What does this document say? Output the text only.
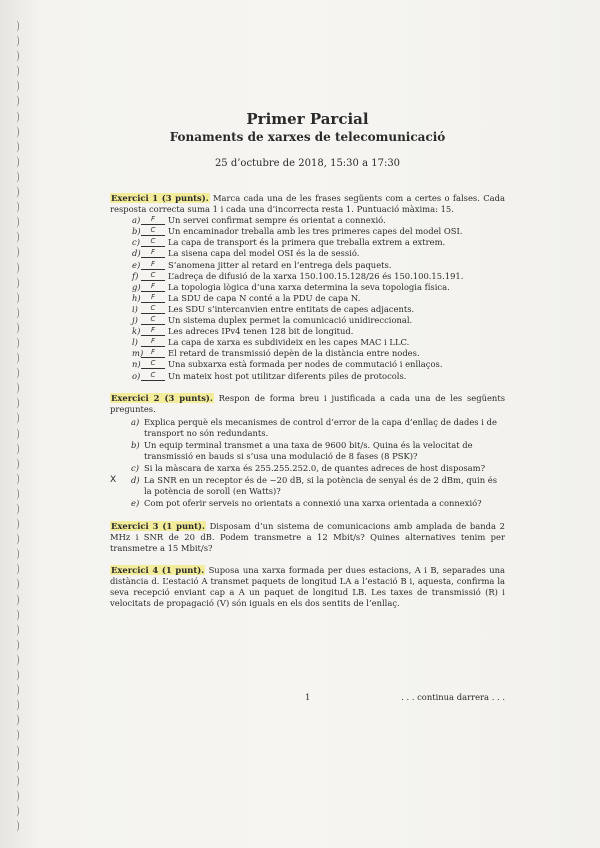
⌒
⌒
⌒
⌒
⌒
⌒
⌒
⌒
⌒
⌒
⌒
⌒
⌒
⌒
⌒
⌒
⌒
⌒
⌒
⌒
⌒
⌒
⌒
⌒
⌒
⌒
⌒
⌒
⌒
⌒
⌒
⌒
⌒
⌒
⌒
⌒
⌒
⌒
⌒
⌒
⌒
⌒
⌒
⌒
⌒
⌒
⌒
⌒
⌒
⌒
⌒
⌒
⌒
⌒
Primer Parcial
Fonaments de xarxes de telecomunicació

25 d’octubre de 2018, 15:30 a 17:30

Exercici 1 (3 punts). Marca cada una de les frases següents com a certes o falses. Cada resposta correcta suma 1 i cada una d’incorrecta resta 1. Puntuació màxima: 15.

a)	F	Un servei confirmat sempre és orientat a connexió.
b)	C	Un encaminador treballa amb les tres primeres capes del model OSI.
c)	C	La capa de transport és la primera que treballa extrem a extrem.
d)	F	La sisena capa del model OSI és la de sessió.
e)	F	S’anomena jitter al retard en l’entrega dels paquets.
f)	C	L’adreça de difusió de la xarxa 150.100.15.128/26 és 150.100.15.191.
g)	F	La topologia lògica d’una xarxa determina la seva topologia física.
h)	F	La SDU de capa N conté a la PDU de capa N.
i)	C	Les SDU s’intercanvien entre entitats de capes adjacents.
j)	C	Un sistema duplex permet la comunicació unidireccional.
k)	F	Les adreces IPv4 tenen 128 bit de longitud.
l)	F	La capa de xarxa es subdivideix en les capes MAC i LLC.
m)	F	El retard de transmissió depèn de la distància entre nodes.
n)	C	Una subxarxa està formada per nodes de commutació i enllaços.
o)	C	Un mateix host pot utilitzar diferents piles de protocols.

Exercici 2 (3 punts). Respon de forma breu i justificada a cada una de les següents preguntes.

a) Explica perquè els mecanismes de control d’error de la capa d’enllaç de dades i de transport no són redundants.
b) Un equip terminal transmet a una taxa de 9600 bit/s. Quina és la velocitat de transmissió en bauds si s’usa una modulació de 8 fases (8 PSK)?
c) Si la màscara de xarxa és 255.255.252.0, de quantes adreces de host disposam?
X d) La SNR en un receptor és de −20 dB, si la potència de senyal és de 2 dBm, quin és la potència de soroll (en Watts)?
e) Com pot oferir serveis no orientats a connexió una xarxa orientada a connexió?

Exercici 3 (1 punt). Disposam d’un sistema de comunicacions amb amplada de banda 2 MHz i SNR de 20 dB. Podem transmetre a 12 Mbit/s? Quines alternatives tenim per transmetre a 15 Mbit/s?

Exercici 4 (1 punt). Suposa una xarxa formada per dues estacions, A i B, separades una distància d. L’estació A transmet paquets de longitud LA a l’estació B i, aquesta, confirma la seva recepció enviant cap a A un paquet de longitud LB. Les taxes de transmissió (R) i velocitats de propagació (V) són iguals en els dos sentits de l’enllaç.

1	. . . continua darrera . . .
